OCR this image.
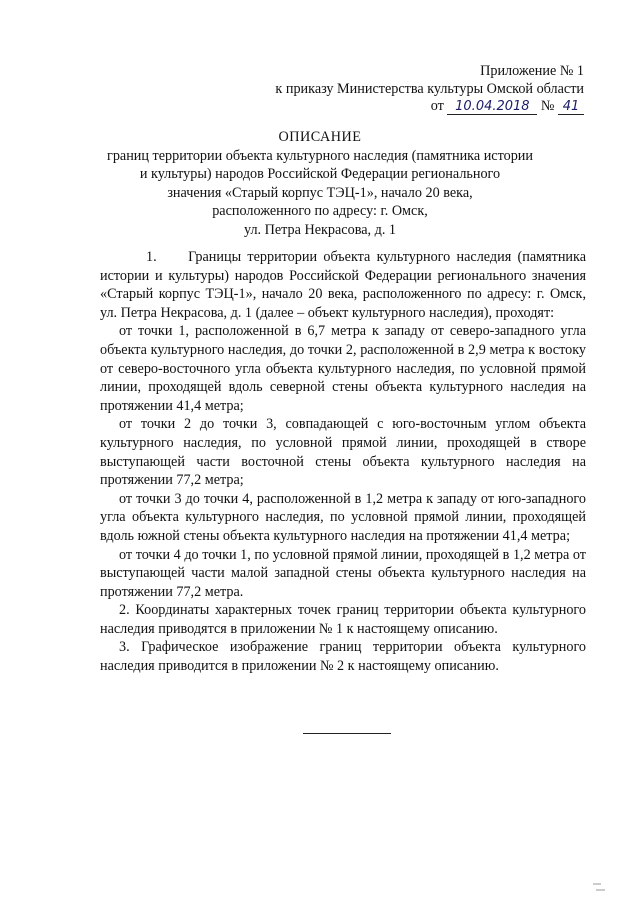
Приложение № 1
к приказу Министерства культуры Омской области
от 10.04.2018 № 41
ОПИСАНИЕ
границ территории объекта культурного наследия (памятника истории
и культуры) народов Российской Федерации регионального
значения «Старый корпус ТЭЦ-1», начало 20 века,
расположенного по адресу: г. Омск,
ул. Петра Некрасова, д. 1

1.     Границы территории объекта культурного наследия (памятника истории и культуры) народов Российской Федерации регионального значения «Старый корпус ТЭЦ-1», начало 20 века, расположенного по адресу: г. Омск, ул. Петра Некрасова, д. 1 (далее – объект культурного наследия), проходят:

от точки 1, расположенной в 6,7 метра к западу от северо-западного угла объекта культурного наследия, до точки 2, расположенной в 2,9 метра к востоку от северо-восточного угла объекта культурного наследия, по условной прямой линии, проходящей вдоль северной стены объекта культурного наследия на протяжении 41,4 метра;

от точки 2 до точки 3, совпадающей с юго-восточным углом объекта культурного наследия, по условной прямой линии, проходящей в створе выступающей части восточной стены объекта культурного наследия на протяжении 77,2 метра;

от точки 3 до точки 4, расположенной в 1,2 метра к западу от юго-западного угла объекта культурного наследия, по условной прямой линии, проходящей вдоль южной стены объекта культурного наследия на протяжении 41,4 метра;

от точки 4 до точки 1, по условной прямой линии, проходящей в 1,2 метра от выступающей части малой западной стены объекта культурного наследия на протяжении 77,2 метра.

2. Координаты характерных точек границ территории объекта культурного наследия приводятся в приложении № 1 к настоящему описанию.

3. Графическое изображение границ территории объекта культурного наследия приводится в приложении № 2 к настоящему описанию.
